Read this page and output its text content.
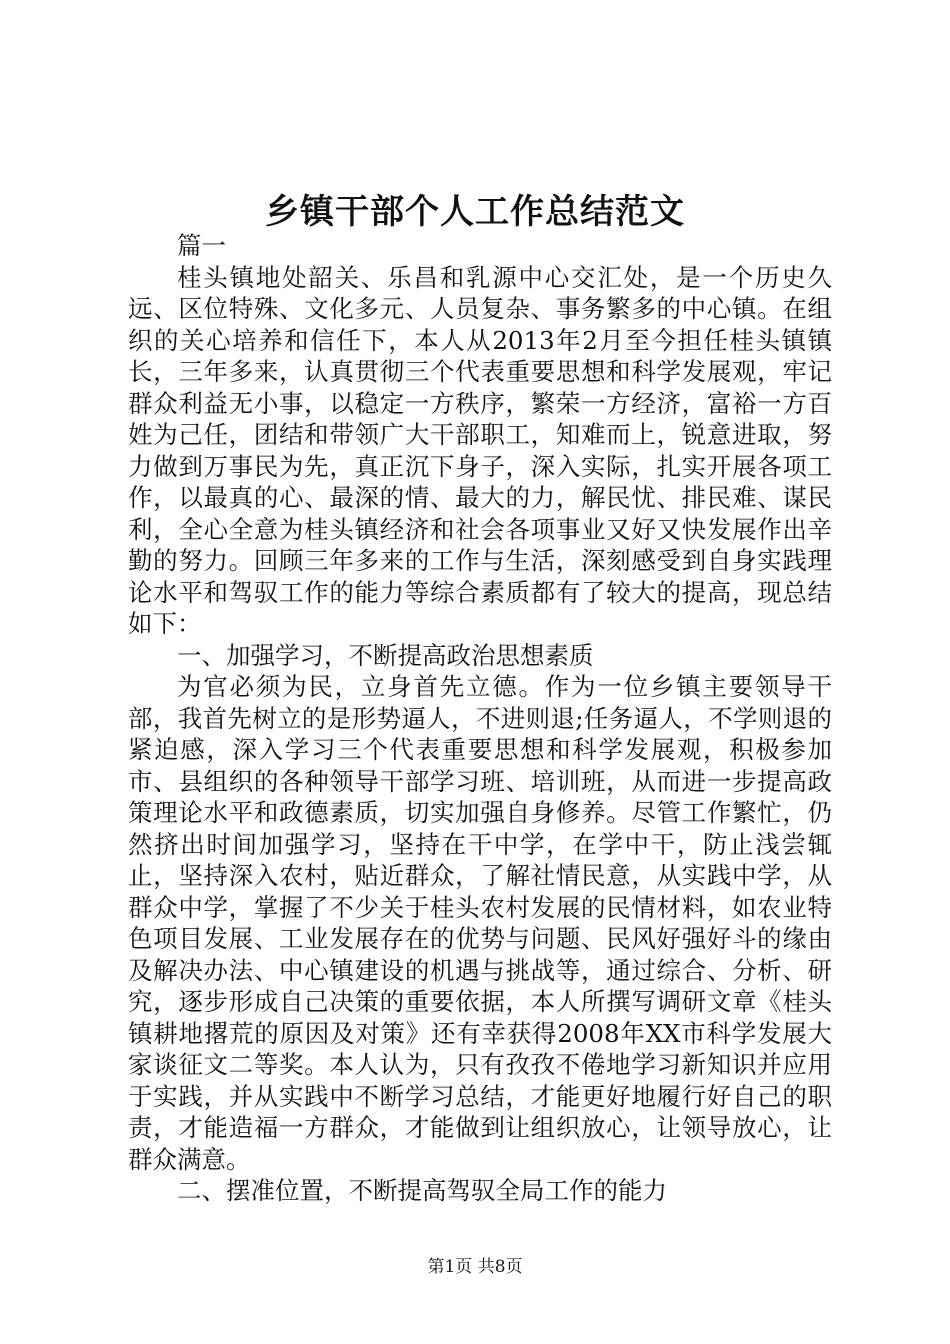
乡镇干部个人工作总结范文

篇一

桂头镇地处韶关、乐昌和乳源中心交汇处，是一个历史久远、区位特殊、文化多元、人员复杂、事务繁多的中心镇。在组织的关心培养和信任下，本人从2013年2月至今担任桂头镇镇长，三年多来，认真贯彻三个代表重要思想和科学发展观，牢记群众利益无小事，以稳定一方秩序，繁荣一方经济，富裕一方百姓为己任，团结和带领广大干部职工，知难而上，锐意进取，努力做到万事民为先，真正沉下身子，深入实际，扎实开展各项工作，以最真的心、最深的情、最大的力，解民忧、排民难、谋民利，全心全意为桂头镇经济和社会各项事业又好又快发展作出辛勤的努力。回顾三年多来的工作与生活，深刻感受到自身实践理论水平和驾驭工作的能力等综合素质都有了较大的提高，现总结如下：

一、加强学习，不断提高政治思想素质

为官必须为民，立身首先立德。作为一位乡镇主要领导干部，我首先树立的是形势逼人，不进则退;任务逼人，不学则退的紧迫感，深入学习三个代表重要思想和科学发展观，积极参加市、县组织的各种领导干部学习班、培训班，从而进一步提高政策理论水平和政德素质，切实加强自身修养。尽管工作繁忙，仍然挤出时间加强学习，坚持在干中学，在学中干，防止浅尝辄止，坚持深入农村，贴近群众，了解社情民意，从实践中学，从群众中学，掌握了不少关于桂头农村发展的民情材料，如农业特色项目发展、工业发展存在的优势与问题、民风好强好斗的缘由及解决办法、中心镇建设的机遇与挑战等，通过综合、分析、研究，逐步形成自己决策的重要依据，本人所撰写调研文章《桂头镇耕地撂荒的原因及对策》还有幸获得2008年XX市科学发展大家谈征文二等奖。本人认为，只有孜孜不倦地学习新知识并应用于实践，并从实践中不断学习总结，才能更好地履行好自己的职责，才能造福一方群众，才能做到让组织放心，让领导放心，让群众满意。

二、摆准位置，不断提高驾驭全局工作的能力

第1页 共8页
